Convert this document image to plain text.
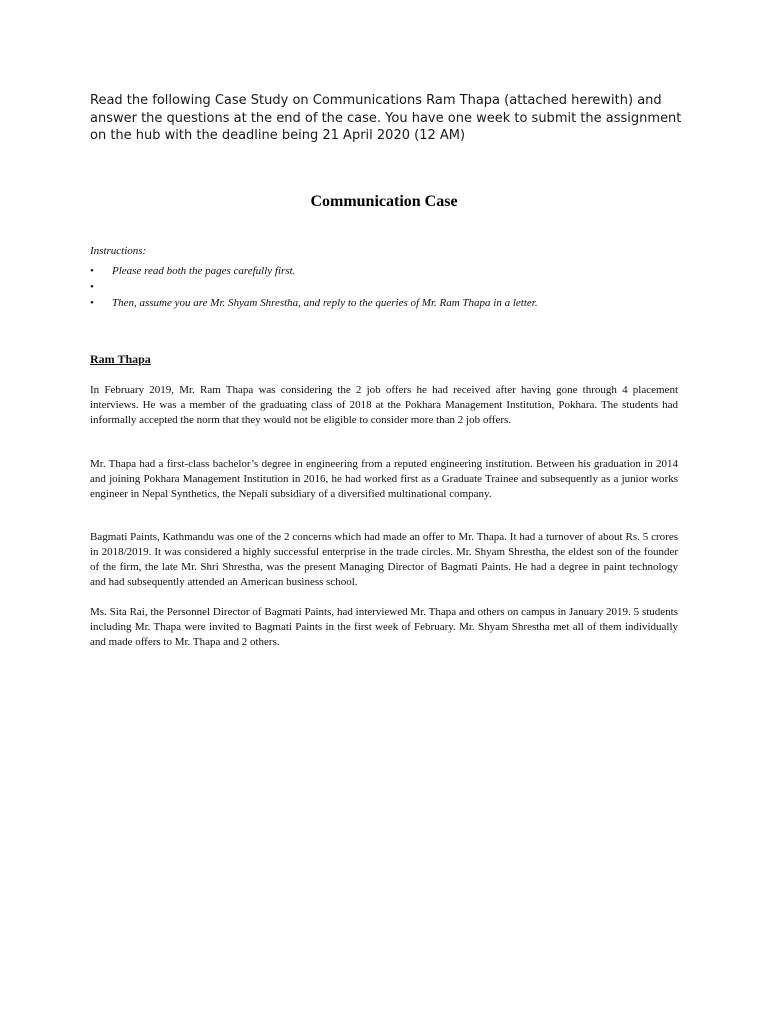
Read the following Case Study on Communications Ram Thapa (attached herewith) and answer the questions at the end of the case. You have one week to submit the assignment on the hub with the deadline being 21 April 2020 (12 AM)

Communication Case

Instructions:

• Please read both the pages carefully first.
•
• Then, assume you are Mr. Shyam Shrestha, and reply to the queries of Mr. Ram Thapa in a letter.
Ram Thapa

In February 2019, Mr. Ram Thapa was considering the 2 job offers he had received after having gone through 4 placement interviews. He was a member of the graduating class of 2018 at the Pokhara Management Institution, Pokhara. The students had informally accepted the norm that they would not be eligible to consider more than 2 job offers.

Mr. Thapa had a first-class bachelor’s degree in engineering from a reputed engineering institution. Between his graduation in 2014 and joining Pokhara Management Institution in 2016, he had worked first as a Graduate Trainee and subsequently as a junior works engineer in Nepal Synthetics, the Nepali subsidiary of a diversified multinational company.

Bagmati Paints, Kathmandu was one of the 2 concerns which had made an offer to Mr. Thapa. It had a turnover of about Rs. 5 crores in 2018/2019. It was considered a highly successful enterprise in the trade circles. Mr. Shyam Shrestha, the eldest son of the founder of the firm, the late Mr. Shri Shrestha, was the present Managing Director of Bagmati Paints. He had a degree in paint technology and had subsequently attended an American business school.

Ms. Sita Rai, the Personnel Director of Bagmati Paints, had interviewed Mr. Thapa and others on campus in January 2019. 5 students including Mr. Thapa were invited to Bagmati Paints in the first week of February. Mr. Shyam Shrestha met all of them individually and made offers to Mr. Thapa and 2 others.
